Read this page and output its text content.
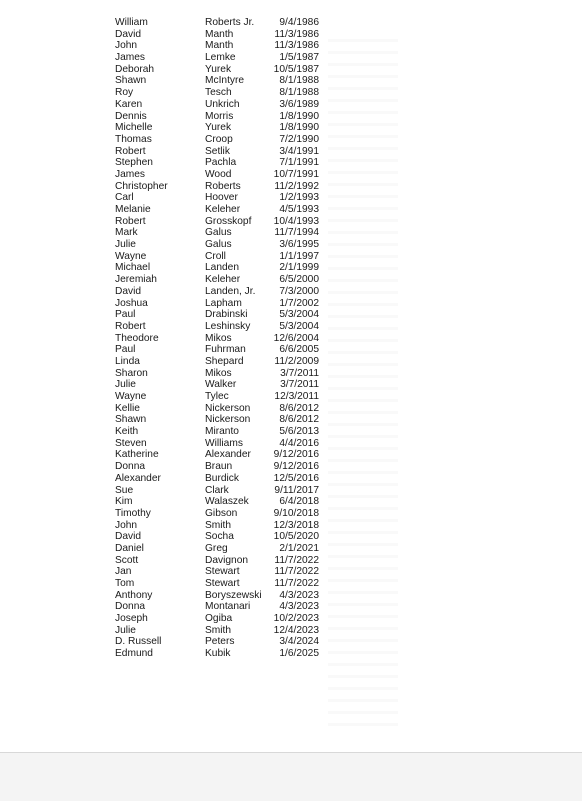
William	Roberts Jr.	9/4/1986
David	Manth	11/3/1986
John	Manth	11/3/1986
James	Lemke	1/5/1987
Deborah	Yurek	10/5/1987
Shawn	McIntyre	8/1/1988
Roy	Tesch	8/1/1988
Karen	Unkrich	3/6/1989
Dennis	Morris	1/8/1990
Michelle	Yurek	1/8/1990
Thomas	Croop	7/2/1990
Robert	Setlik	3/4/1991
Stephen	Pachla	7/1/1991
James	Wood	10/7/1991
Christopher	Roberts	11/2/1992
Carl	Hoover	1/2/1993
Melanie	Keleher	4/5/1993
Robert	Grosskopf	10/4/1993
Mark	Galus	11/7/1994
Julie	Galus	3/6/1995
Wayne	Croll	1/1/1997
Michael	Landen	2/1/1999
Jeremiah	Keleher	6/5/2000
David	Landen, Jr.	7/3/2000
Joshua	Lapham	1/7/2002
Paul	Drabinski	5/3/2004
Robert	Leshinsky	5/3/2004
Theodore	Mikos	12/6/2004
Paul	Fuhrman	6/6/2005
Linda	Shepard	11/2/2009
Sharon	Mikos	3/7/2011
Julie	Walker	3/7/2011
Wayne	Tylec	12/3/2011
Kellie	Nickerson	8/6/2012
Shawn	Nickerson	8/6/2012
Keith	Miranto	5/6/2013
Steven	Williams	4/4/2016
Katherine	Alexander	9/12/2016
Donna	Braun	9/12/2016
Alexander	Burdick	12/5/2016
Sue	Clark	9/11/2017
Kim	Walaszek	6/4/2018
Timothy	Gibson	9/10/2018
John	Smith	12/3/2018
David	Socha	10/5/2020
Daniel	Greg	2/1/2021
Scott	Davignon	11/7/2022
Jan	Stewart	11/7/2022
Tom	Stewart	11/7/2022
Anthony	Boryszewski	4/3/2023
Donna	Montanari	4/3/2023
Joseph	Ogiba	10/2/2023
Julie	Smith	12/4/2023
D. Russell	Peters	3/4/2024
Edmund	Kubik	1/6/2025
